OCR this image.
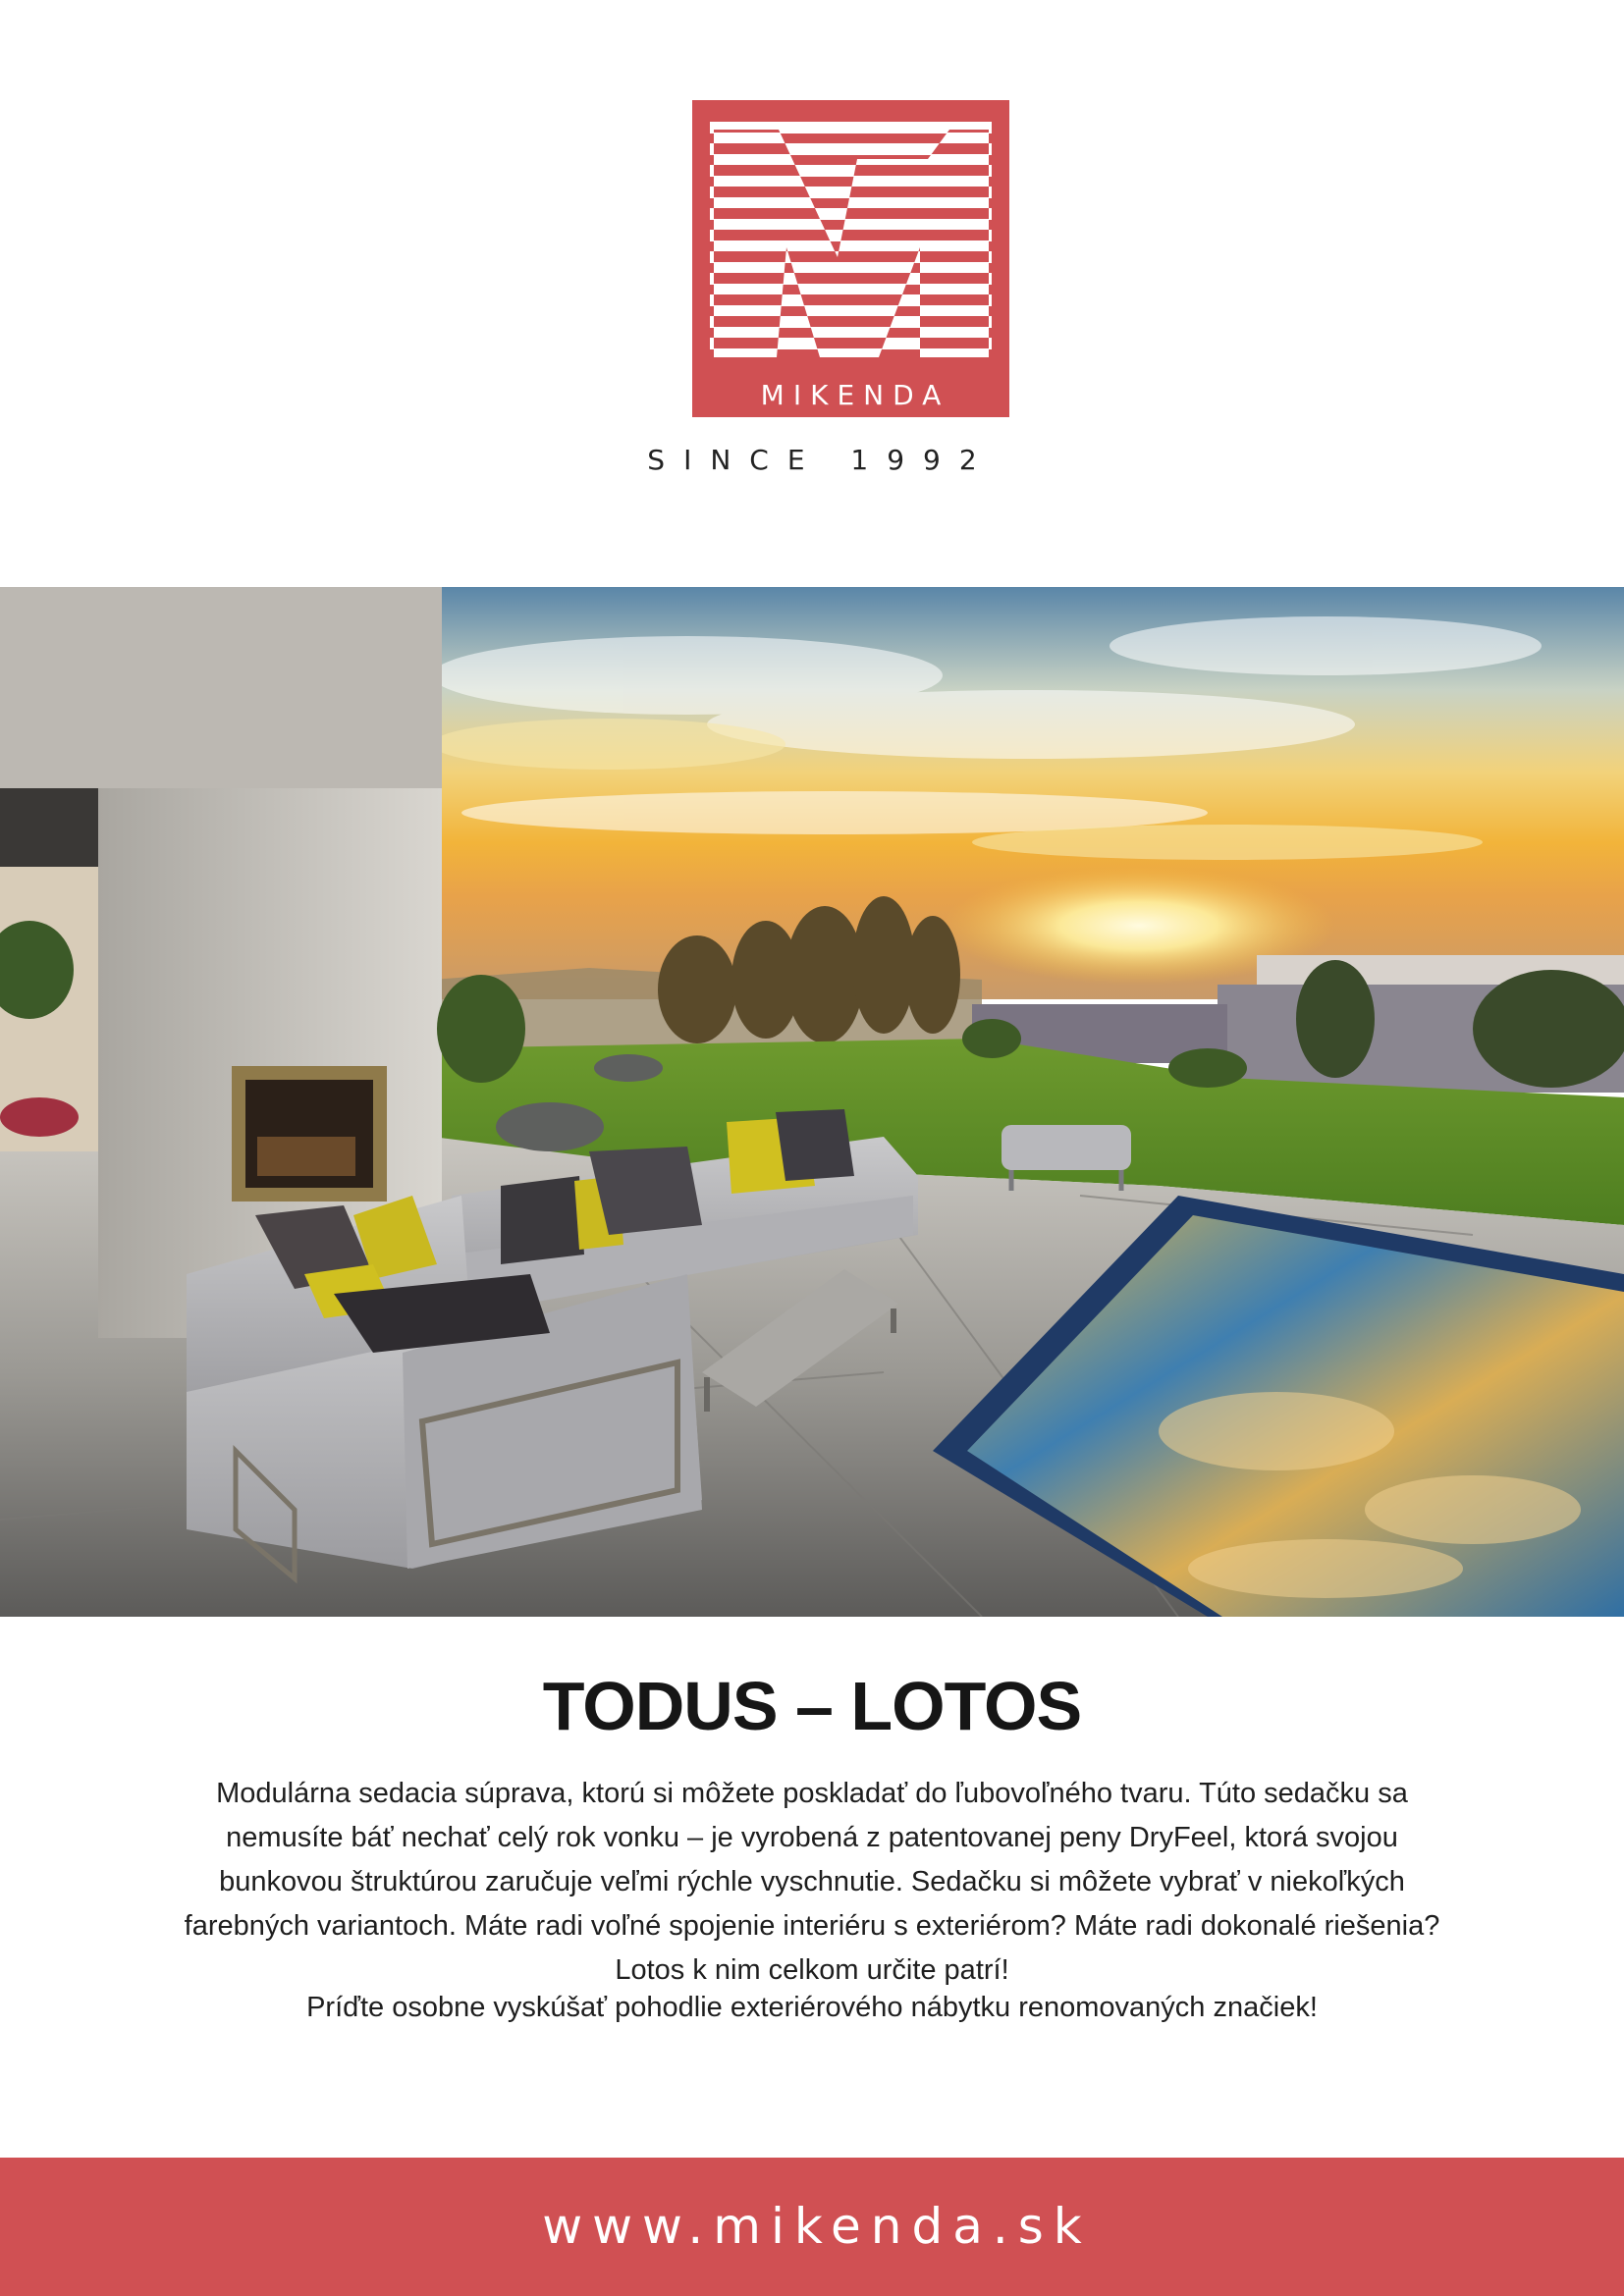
MIKENDA
SINCE 1992
TODUS – LOTOS

Modulárna sedacia súprava, ktorú si môžete poskladať do ľubovoľného tvaru. Túto sedačku sa nemusíte báť nechať celý rok vonku – je vyrobená z patentovanej peny DryFeel, ktorá svojou bunkovou štruktúrou zaručuje veľmi rýchle vyschnutie. Sedačku si môžete vybrať v niekoľkých farebných variantoch. Máte radi voľné spojenie interiéru s exteriérom? Máte radi dokonalé riešenia? Lotos k nim celkom určite patrí!

Príďte osobne vyskúšať pohodlie exteriérového nábytku renomovaných značiek!

www.mikenda.sk
